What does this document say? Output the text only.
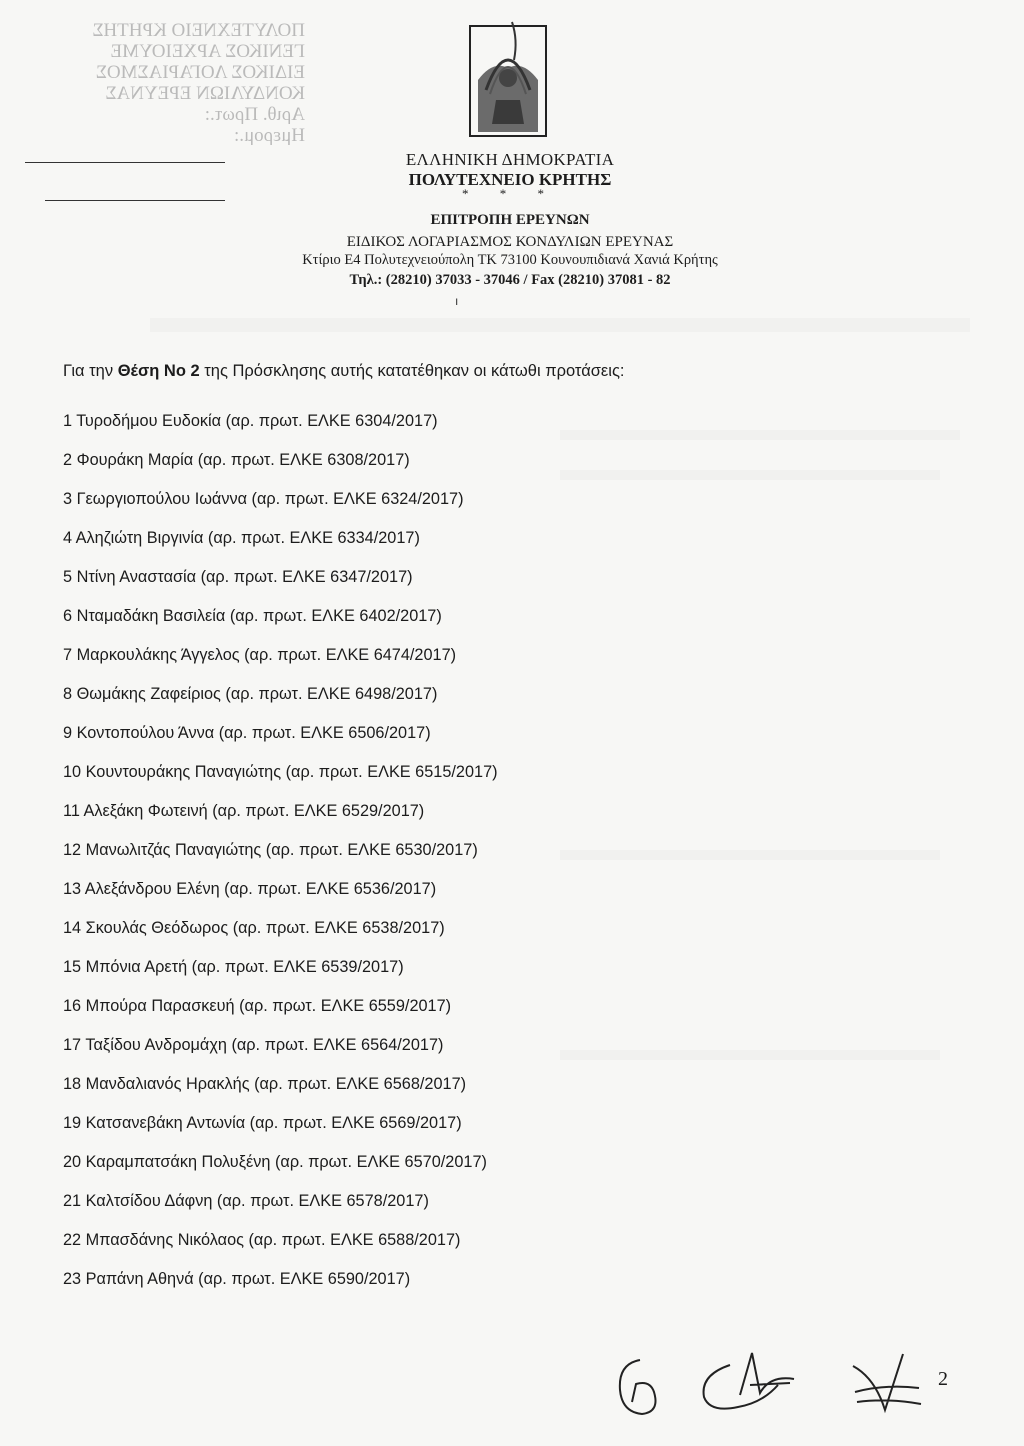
ΠΟΛΥΤΕΧΝΕΙΟ ΚΡΗΤΗΣ
ΓΕΝΙΚΟΣ ΑΡΧΕΙΟΥΜΕ
ΕΙΔΙΚΟΣ ΛΟΓΑΡΙΑΣΜΟΣ
ΚΟΝΔΥΛΙΩΝ ΕΡΕΥΝΑΣ
Αριθ. Πρωτ.:
Ημερομ.:
ΕΛΛΗΝΙΚΗ ΔΗΜΟΚΡΑΤΙΑ
ΠΟΛΥΤΕΧΝΕΙΟ ΚΡΗΤΗΣ
* * *
ΕΠΙΤΡΟΠΗ ΕΡΕΥΝΩΝ
ΕΙΔΙΚΟΣ ΛΟΓΑΡΙΑΣΜΟΣ ΚΟΝΔΥΛΙΩΝ ΕΡΕΥΝΑΣ
Κτίριο Ε4 Πολυτεχνειούπολη ΤΚ 73100 Κουνουπιδιανά Χανιά Κρήτης
Τηλ.: (28210) 37033 - 37046 / Fax (28210) 37081 - 82
ı
Για την Θέση Νο 2 της Πρόσκλησης αυτής κατατέθηκαν οι κάτωθι προτάσεις:
1 Τυροδήμου Ευδοκία (αρ. πρωτ. ΕΛΚΕ 6304/2017)
2 Φουράκη Μαρία (αρ. πρωτ. ΕΛΚΕ 6308/2017)
3 Γεωργιοπούλου Ιωάννα (αρ. πρωτ. ΕΛΚΕ 6324/2017)
4 Αληζιώτη Βιργινία (αρ. πρωτ. ΕΛΚΕ 6334/2017)
5 Ντίνη Αναστασία (αρ. πρωτ. ΕΛΚΕ 6347/2017)
6 Νταμαδάκη Βασιλεία (αρ. πρωτ. ΕΛΚΕ 6402/2017)
7 Μαρκουλάκης Άγγελος (αρ. πρωτ. ΕΛΚΕ 6474/2017)
8 Θωμάκης Ζαφείριος (αρ. πρωτ. ΕΛΚΕ 6498/2017)
9 Κοντοπούλου Άννα (αρ. πρωτ. ΕΛΚΕ 6506/2017)
10 Κουντουράκης Παναγιώτης (αρ. πρωτ. ΕΛΚΕ 6515/2017)
11 Αλεξάκη Φωτεινή (αρ. πρωτ. ΕΛΚΕ 6529/2017)
12 Μανωλιτζάς Παναγιώτης (αρ. πρωτ. ΕΛΚΕ 6530/2017)
13 Αλεξάνδρου Ελένη (αρ. πρωτ. ΕΛΚΕ 6536/2017)
14 Σκουλάς Θεόδωρος (αρ. πρωτ. ΕΛΚΕ 6538/2017)
15 Μπόνια Αρετή (αρ. πρωτ. ΕΛΚΕ 6539/2017)
16 Μπούρα Παρασκευή (αρ. πρωτ. ΕΛΚΕ 6559/2017)
17 Ταξίδου Ανδρομάχη (αρ. πρωτ. ΕΛΚΕ 6564/2017)
18 Μανδαλιανός Ηρακλής (αρ. πρωτ. ΕΛΚΕ 6568/2017)
19 Κατσανεβάκη Αντωνία (αρ. πρωτ. ΕΛΚΕ 6569/2017)
20 Καραμπατσάκη Πολυξένη (αρ. πρωτ. ΕΛΚΕ 6570/2017)
21 Καλτσίδου Δάφνη (αρ. πρωτ. ΕΛΚΕ 6578/2017)
22 Μπασδάνης Νικόλαος (αρ. πρωτ. ΕΛΚΕ 6588/2017)
23 Ραπάνη Αθηνά (αρ. πρωτ. ΕΛΚΕ 6590/2017)
2
